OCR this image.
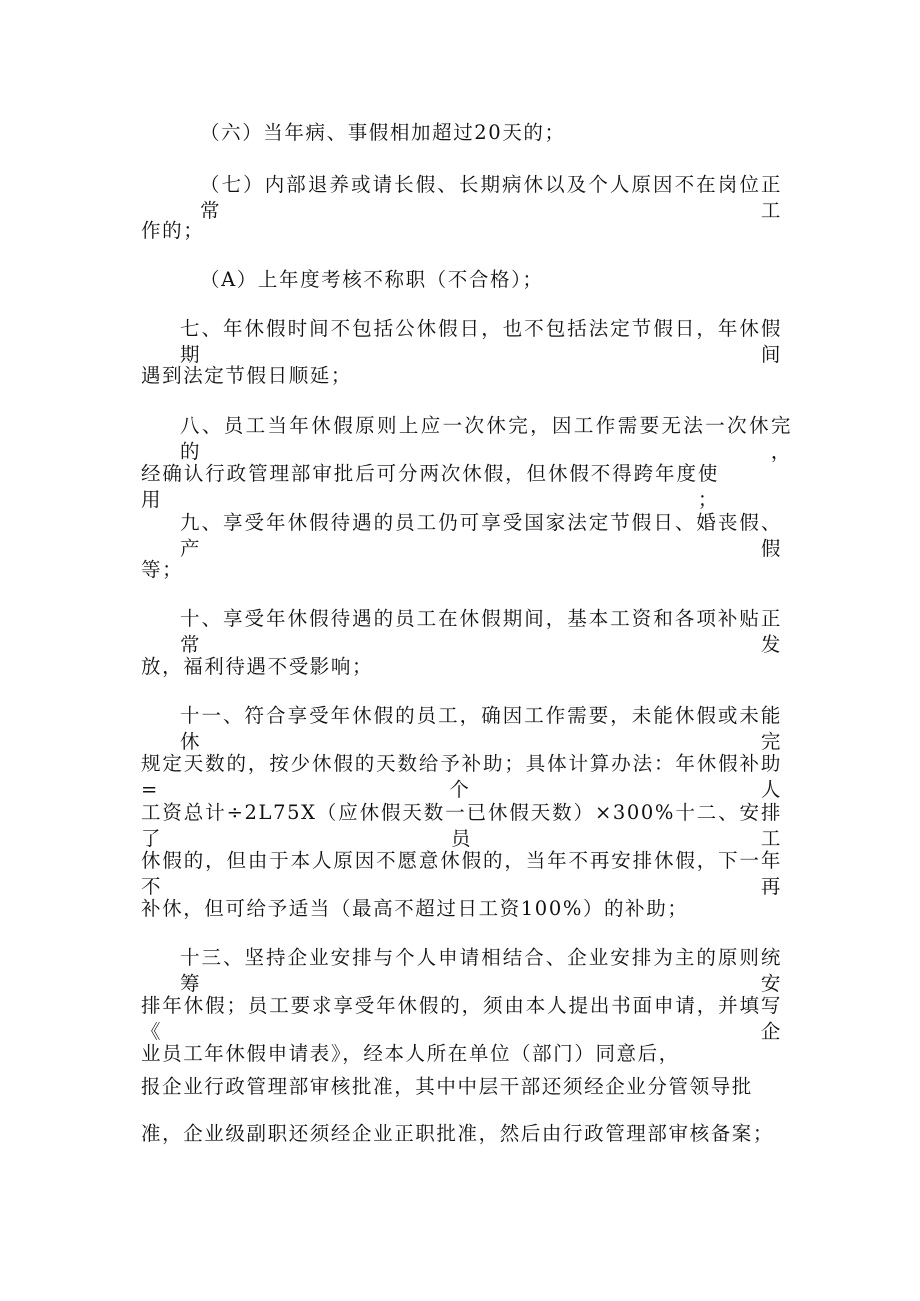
（六）当年病、事假相加超过20天的；
（七）内部退养或请长假、长期病休以及个人原因不在岗位正常工
作的；
（A）上年度考核不称职（不合格）；
七、年休假时间不包括公休假日，也不包括法定节假日，年休假期间
遇到法定节假日顺延；
八、员工当年休假原则上应一次休完，因工作需要无法一次休完的，
经确认行政管理部审批后可分两次休假，但休假不得跨年度使用；
九、享受年休假待遇的员工仍可享受国家法定节假日、婚丧假、产假
等；
十、享受年休假待遇的员工在休假期间，基本工资和各项补贴正常发
放，福利待遇不受影响；
十一、符合享受年休假的员工，确因工作需要，未能休假或未能休完
规定天数的，按少休假的天数给予补助；具体计算办法：年休假补助=个人
工资总计÷2L75X（应休假天数一已休假天数）×300%十二、安排了员工
休假的，但由于本人原因不愿意休假的，当年不再安排休假，下一年不再
补休，但可给予适当（最高不超过日工资100%）的补助；
十三、坚持企业安排与个人申请相结合、企业安排为主的原则统筹安
排年休假；员工要求享受年休假的，须由本人提出书面申请，并填写《企
业员工年休假申请表》，经本人所在单位（部门）同意后，
报企业行政管理部审核批准，其中中层干部还须经企业分管领导批
准，企业级副职还须经企业正职批准，然后由行政管理部审核备案；
